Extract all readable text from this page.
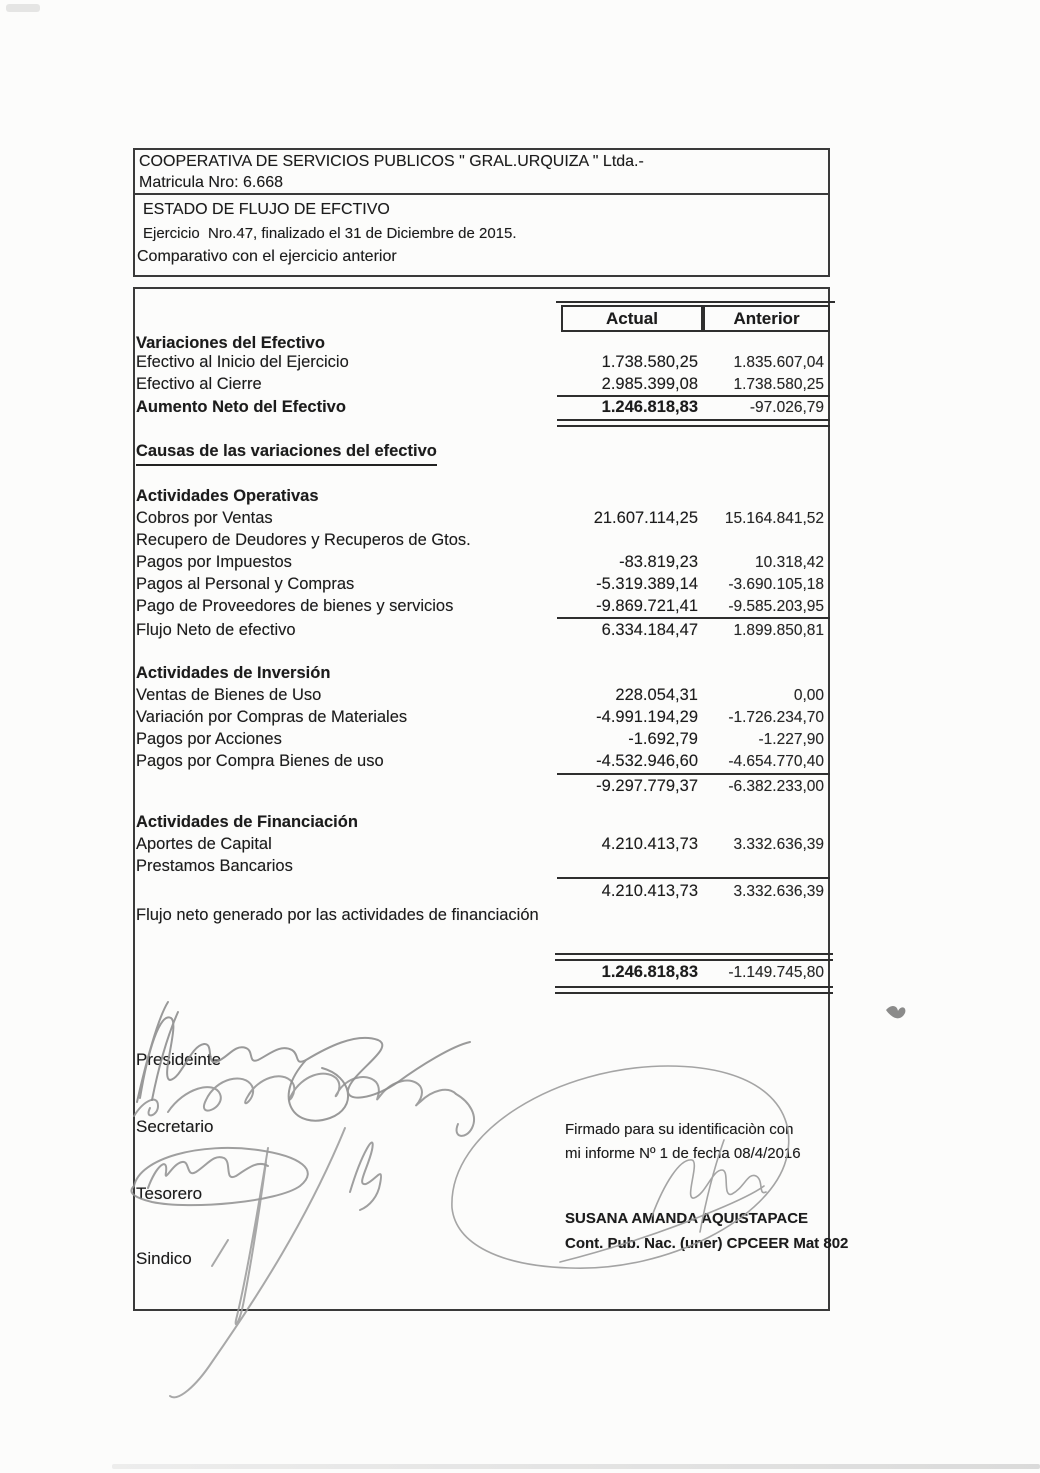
COOPERATIVA DE SERVICIOS PUBLICOS " GRAL.URQUIZA " Ltda.-
Matricula Nro: 6.668
ESTADO DE FLUJO DE EFCTIVO
Ejercicio  Nro.47, finalizado el 31 de Diciembre de 2015.
Comparativo con el ejercicio anterior
Actual	Anterior
Variaciones del Efectivo
Efectivo al Inicio del Ejercicio	1.738.580,25	1.835.607,04
Efectivo al Cierre	2.985.399,08	1.738.580,25
Aumento Neto del Efectivo	1.246.818,83	-97.026,79
Causas de las variaciones del efectivo
Actividades Operativas
Cobros por Ventas	21.607.114,25	15.164.841,52
Recupero de Deudores y Recuperos de Gtos.
Pagos por Impuestos	-83.819,23	10.318,42
Pagos al Personal y Compras	-5.319.389,14	-3.690.105,18
Pago de Proveedores de bienes y servicios	-9.869.721,41	-9.585.203,95
Flujo Neto de efectivo	6.334.184,47	1.899.850,81
Actividades de Inversión
Ventas de Bienes de Uso	228.054,31	0,00
Variación por Compras de Materiales	-4.991.194,29	-1.726.234,70
Pagos por Acciones	-1.692,79	-1.227,90
Pagos por Compra Bienes de uso	-4.532.946,60	-4.654.770,40
-9.297.779,37	-6.382.233,00
Actividades de Financiación
Aportes de Capital	4.210.413,73	3.332.636,39
Prestamos Bancarios
4.210.413,73	3.332.636,39
Flujo neto generado por las actividades de financiación
1.246.818,83	-1.149.745,80
Presideinte
Secretario
Tesorero
Sindico
Firmado para su identificaciòn con
mi informe Nº 1 de fecha 08/4/2016
SUSANA AMANDA AQUISTAPACE
Cont. Pub. Nac. (uner) CPCEER Mat 802
